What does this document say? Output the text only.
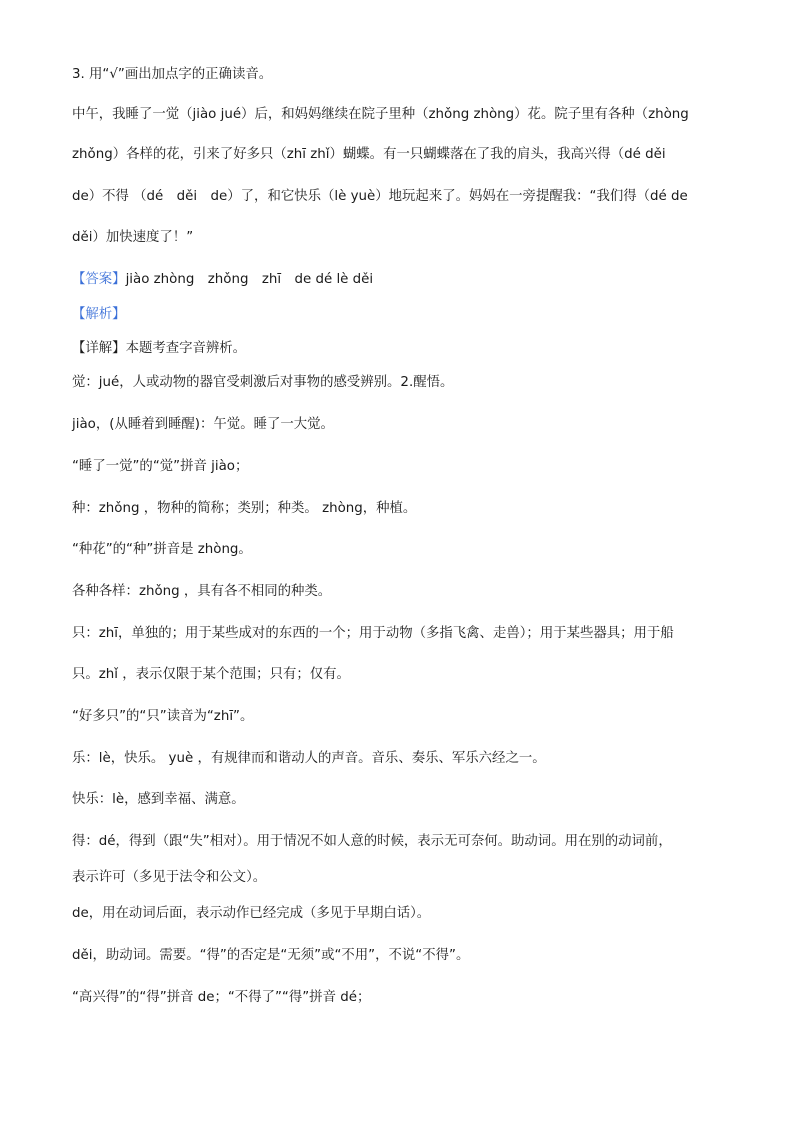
3. 用“√”画出加点字的正确读音。
中午，我睡了一觉（jiào jué）后，和妈妈继续在院子里种（zhǒng zhòng）花。院子里有各种（zhòng
zhǒng）各样的花，引来了好多只（zhī zhǐ）蝴蝶。有一只蝴蝶落在了我的肩头，我高兴得（dé děi
de）不得 （dé　děi　de）了，和它快乐（lè yuè）地玩起来了。妈妈在一旁提醒我：“我们得（dé de
děi）加快速度了！”
【答案】jiào zhòng　zhǒng　zhī　de dé lè děi
【解析】
【详解】本题考查字音辨析。
觉：jué，人或动物的器官受刺激后对事物的感受辨别。2.醒悟。
jiào，(从睡着到睡醒)：午觉。睡了一大觉。
“睡了一觉”的“觉”拼音 jiào；
种：zhǒng ，物种的简称；类别；种类。 zhòng，种植。
“种花”的“种”拼音是 zhòng。
各种各样：zhǒng ，具有各不相同的种类。
只：zhī，单独的；用于某些成对的东西的一个；用于动物（多指飞禽、走兽）；用于某些器具；用于船
只。zhǐ ，表示仅限于某个范围；只有；仅有。
“好多只”的“只”读音为“zhī”。
乐：lè，快乐。 yuè ，有规律而和谐动人的声音。音乐、奏乐、军乐六经之一。
快乐：lè，感到幸福、满意。
得：dé，得到（跟“失”相对）。用于情况不如人意的时候，表示无可奈何。助动词。用在别的动词前，
表示许可（多见于法令和公文）。
de，用在动词后面，表示动作已经完成（多见于早期白话）。
děi，助动词。需要。“得”的否定是“无须”或“不用”，不说“不得”。
“高兴得”的“得”拼音 de；“不得了”“得”拼音 dé；
